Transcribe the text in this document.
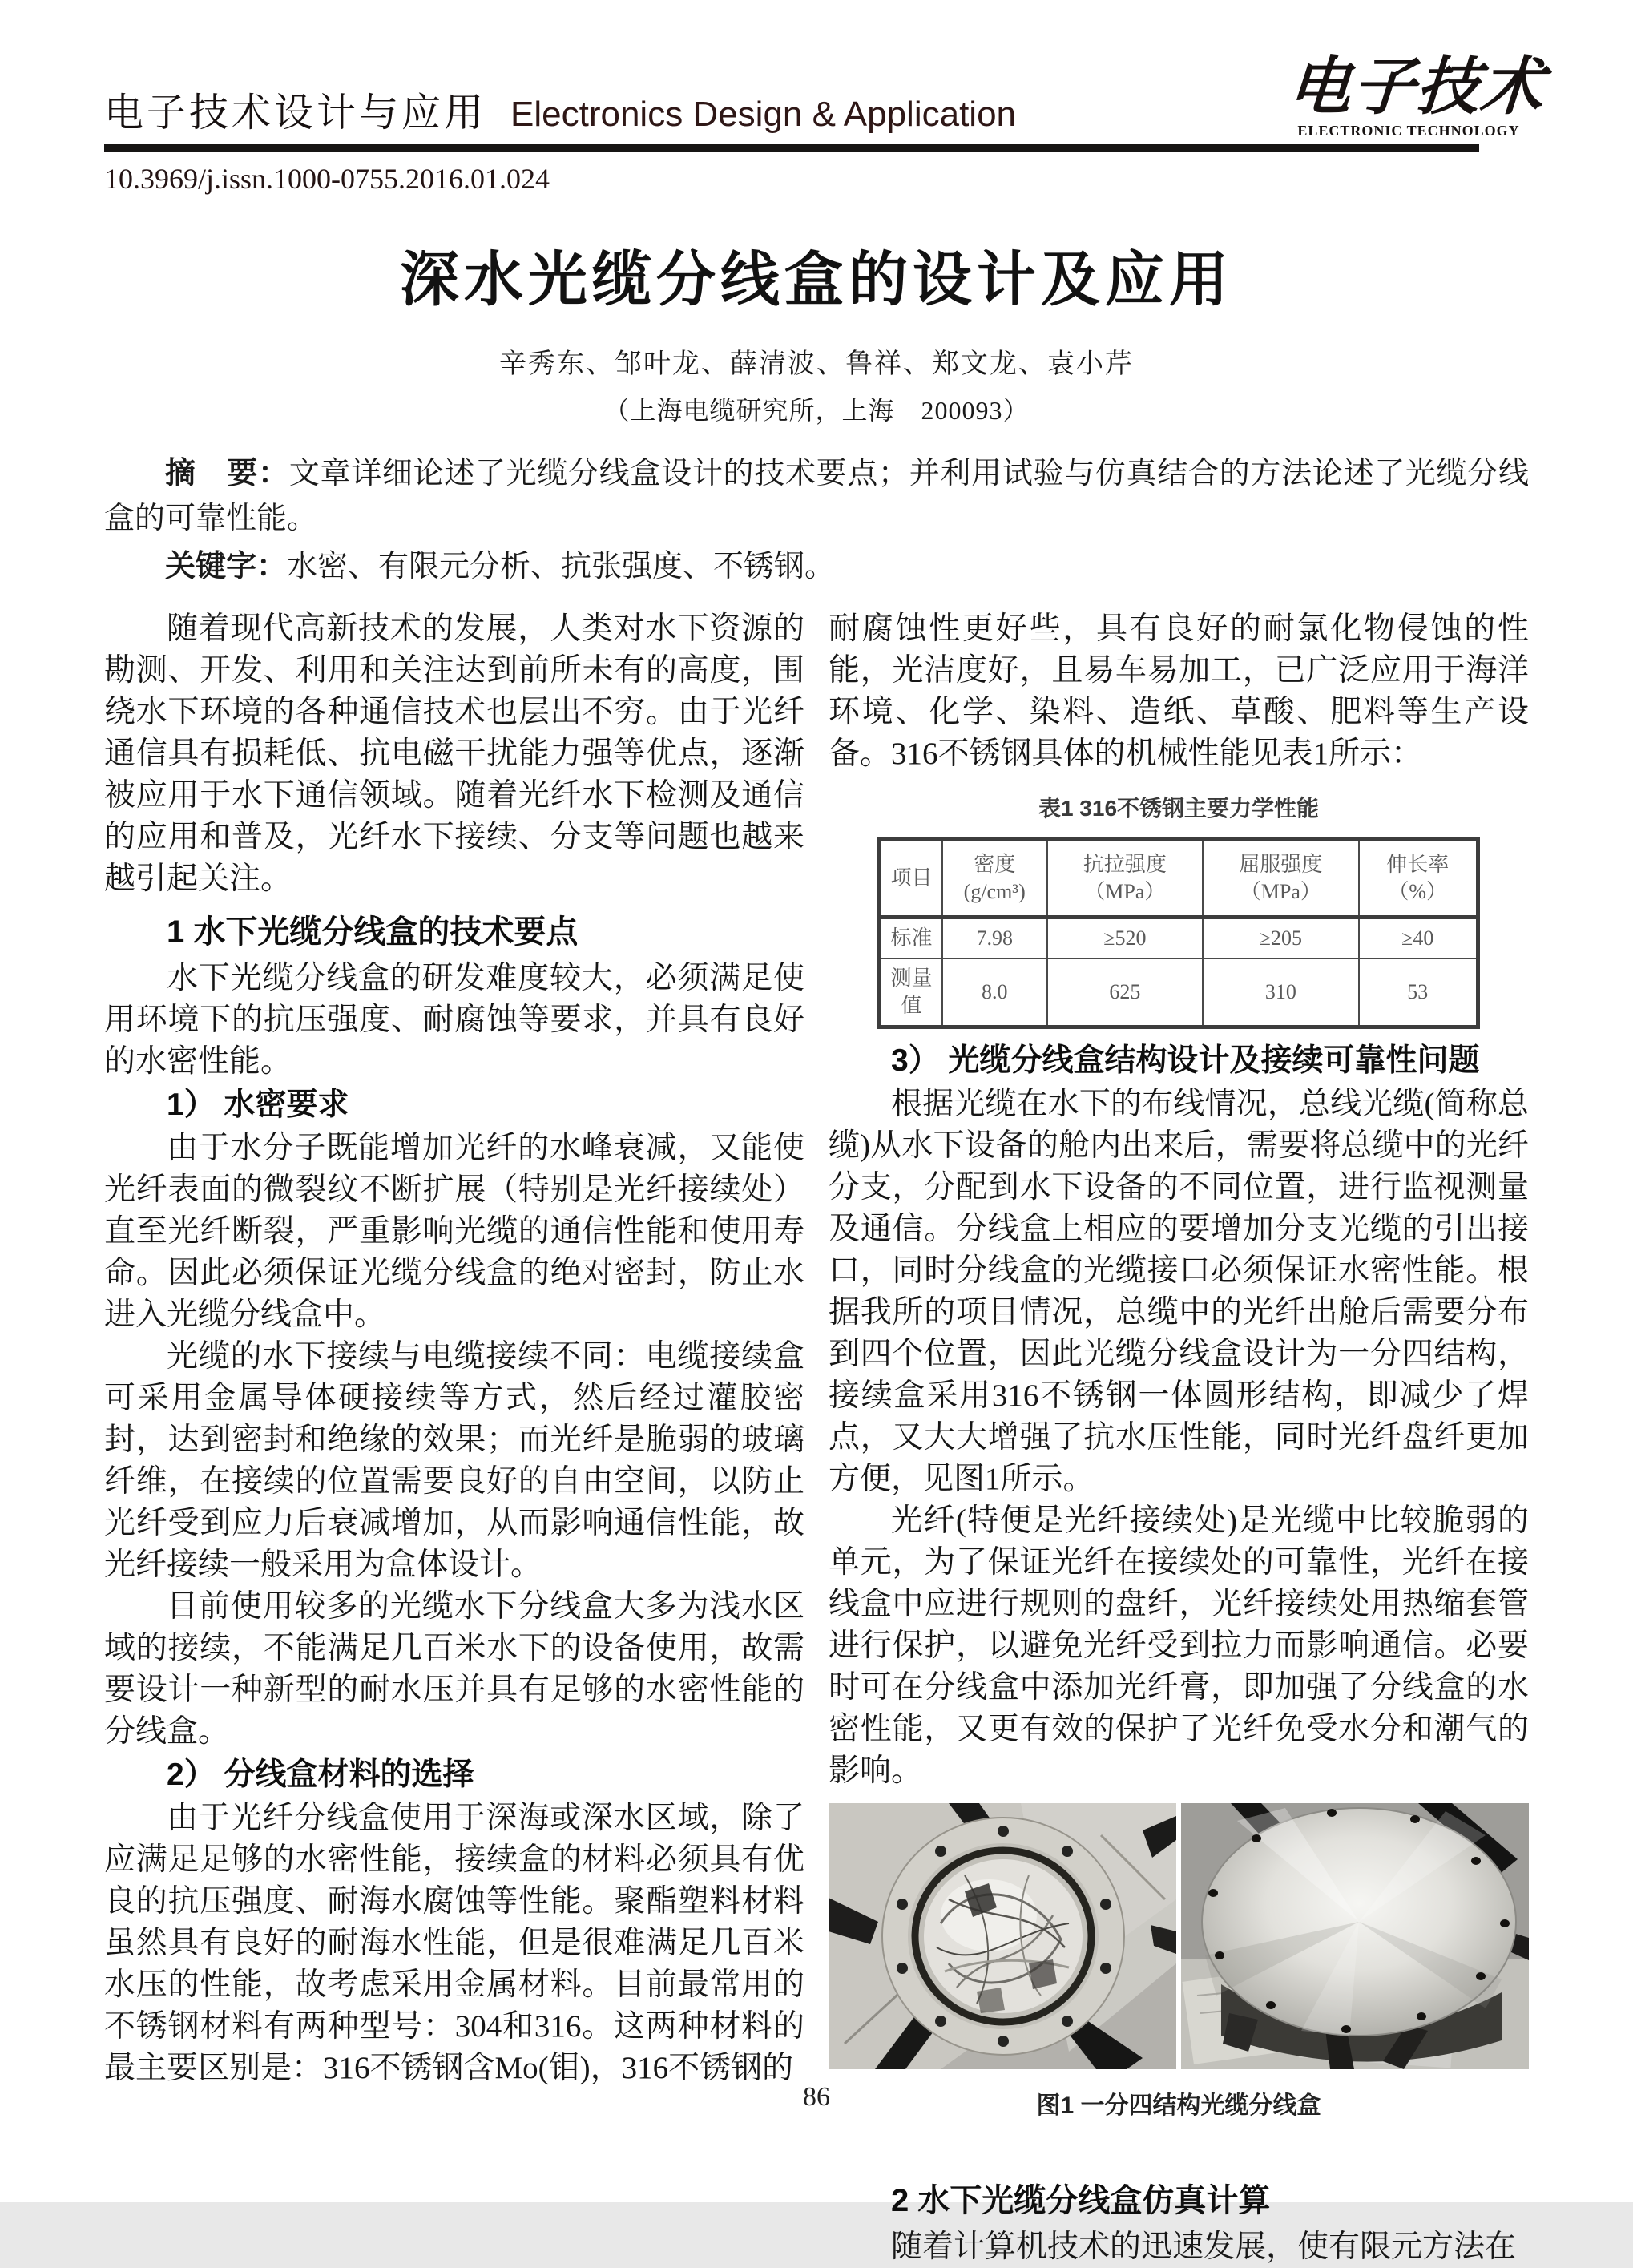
电子技术设计与应用 Electronics Design & Application	电子技术
ELECTRONIC TECHNOLOGY
10.3969/j.issn.1000-0755.2016.01.024
深水光缆分线盒的设计及应用
辛秀东、邹叶龙、薛清波、鲁祥、郑文龙、袁小芹
（上海电缆研究所，上海　200093）

摘　要：文章详细论述了光缆分线盒设计的技术要点；并利用试验与仿真结合的方法论述了光缆分线盒的可靠性能。

关键字：水密、有限元分析、抗张强度、不锈钢。

随着现代高新技术的发展，人类对水下资源的勘测、开发、利用和关注达到前所未有的高度，围绕水下环境的各种通信技术也层出不穷。由于光纤通信具有损耗低、抗电磁干扰能力强等优点，逐渐被应用于水下通信领域。随着光纤水下检测及通信的应用和普及，光纤水下接续、分支等问题也越来越引起关注。

1 水下光缆分线盒的技术要点

水下光缆分线盒的研发难度较大，必须满足使用环境下的抗压强度、耐腐蚀等要求，并具有良好的水密性能。

1） 水密要求

由于水分子既能增加光纤的水峰衰减，又能使光纤表面的微裂纹不断扩展（特别是光纤接续处）直至光纤断裂，严重影响光缆的通信性能和使用寿命。因此必须保证光缆分线盒的绝对密封，防止水进入光缆分线盒中。

光缆的水下接续与电缆接续不同：电缆接续盒可采用金属导体硬接续等方式，然后经过灌胶密封，达到密封和绝缘的效果；而光纤是脆弱的玻璃纤维，在接续的位置需要良好的自由空间，以防止光纤受到应力后衰减增加，从而影响通信性能，故光纤接续一般采用为盒体设计。

目前使用较多的光缆水下分线盒大多为浅水区域的接续，不能满足几百米水下的设备使用，故需要设计一种新型的耐水压并具有足够的水密性能的分线盒。

2） 分线盒材料的选择

由于光纤分线盒使用于深海或深水区域，除了应满足足够的水密性能，接续盒的材料必须具有优良的抗压强度、耐海水腐蚀等性能。聚酯塑料材料虽然具有良好的耐海水性能，但是很难满足几百米水压的性能，故考虑采用金属材料。目前最常用的不锈钢材料有两种型号：304和316。这两种材料的最主要区别是：316不锈钢含Mo(钼)，316不锈钢的

耐腐蚀性更好些，具有良好的耐氯化物侵蚀的性能，光洁度好，且易车易加工，已广泛应用于海洋环境、化学、染料、造纸、草酸、肥料等生产设备。316不锈钢具体的机械性能见表1所示：

表1 316不锈钢主要力学性能
项目	密度(g/cm³)	抗拉强度（MPa）	屈服强度（MPa）	伸长率（%）
标准	7.98	≥520	≥205	≥40
测量值	8.0	625	310	53
3） 光缆分线盒结构设计及接续可靠性问题

根据光缆在水下的布线情况，总线光缆(简称总缆)从水下设备的舱内出来后，需要将总缆中的光纤分支，分配到水下设备的不同位置，进行监视测量及通信。分线盒上相应的要增加分支光缆的引出接口，同时分线盒的光缆接口必须保证水密性能。根据我所的项目情况，总缆中的光纤出舱后需要分布到四个位置，因此光缆分线盒设计为一分四结构，接续盒采用316不锈钢一体圆形结构，即减少了焊点，又大大增强了抗水压性能，同时光纤盘纤更加方便，见图1所示。

光纤(特便是光纤接续处)是光缆中比较脆弱的单元，为了保证光纤在接续处的可靠性，光纤在接线盒中应进行规则的盘纤，光纤接续处用热缩套管进行保护，以避免光纤受到拉力而影响通信。必要时可在分线盒中添加光纤膏，即加强了分线盒的水密性能，又更有效的保护了光纤免受水分和潮气的影响。

图1 一分四结构光缆分线盒
2 水下光缆分线盒仿真计算

随着计算机技术的迅速发展，使有限元方法在

86
